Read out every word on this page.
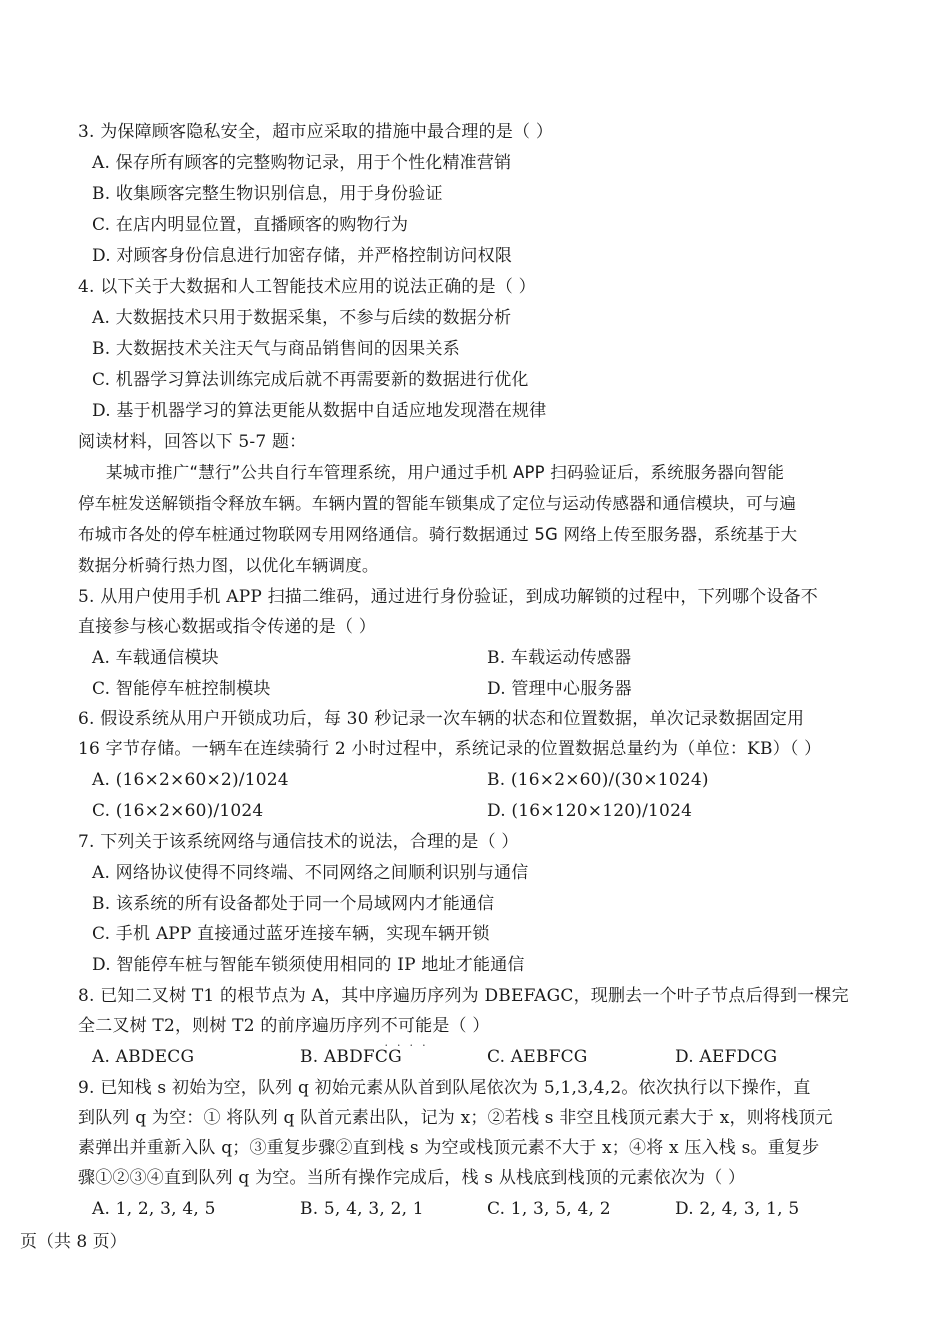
3. 为保障顾客隐私安全，超市应采取的措施中最合理的是（ ）
A. 保存所有顾客的完整购物记录，用于个性化精准营销
B. 收集顾客完整生物识别信息，用于身份验证
C. 在店内明显位置，直播顾客的购物行为
D. 对顾客身份信息进行加密存储，并严格控制访问权限
4. 以下关于大数据和人工智能技术应用的说法正确的是（ ）
A. 大数据技术只用于数据采集，不参与后续的数据分析
B. 大数据技术关注天气与商品销售间的因果关系
C. 机器学习算法训练完成后就不再需要新的数据进行优化
D. 基于机器学习的算法更能从数据中自适应地发现潜在规律
阅读材料，回答以下 5-7 题：
某城市推广“慧行”公共自行车管理系统，用户通过手机 APP 扫码验证后，系统服务器向智能
停车桩发送解锁指令释放车辆。车辆内置的智能车锁集成了定位与运动传感器和通信模块，可与遍
布城市各处的停车桩通过物联网专用网络通信。骑行数据通过 5G 网络上传至服务器，系统基于大
数据分析骑行热力图，以优化车辆调度。
5. 从用户使用手机 APP 扫描二维码，通过进行身份验证，到成功解锁的过程中，下列哪个设备不
直接参与核心数据或指令传递的是（ ）
A. 车载通信模块	B. 车载运动传感器
C. 智能停车桩控制模块	D. 管理中心服务器
6. 假设系统从用户开锁成功后，每 30 秒记录一次车辆的状态和位置数据，单次记录数据固定用
16 字节存储。一辆车在连续骑行 2 小时过程中，系统记录的位置数据总量约为（单位：KB）（ ）
A. (16×2×60×2)/1024	B. (16×2×60)/(30×1024)
C. (16×2×60)/1024	D. (16×120×120)/1024
7. 下列关于该系统网络与通信技术的说法，合理的是（ ）
A. 网络协议使得不同终端、不同网络之间顺利识别与通信
B. 该系统的所有设备都处于同一个局域网内才能通信
C. 手机 APP 直接通过蓝牙连接车辆，实现车辆开锁
D. 智能停车桩与智能车锁须使用相同的 IP 地址才能通信
8. 已知二叉树 T1 的根节点为 A，其中序遍历序列为 DBEFAGC，现删去一个叶子节点后得到一棵完
全二叉树 T2，则树 T2 的前序遍历序列不可能 • • • •是（ ）
A. ABDECG	B. ABDFCG	C. AEBFCG	D. AEFDCG
9. 已知栈 s 初始为空，队列 q 初始元素从队首到队尾依次为 5,1,3,4,2。依次执行以下操作，直
到队列 q 为空：① 将队列 q 队首元素出队，记为 x；②若栈 s 非空且栈顶元素大于 x，则将栈顶元
素弹出并重新入队 q；③重复步骤②直到栈 s 为空或栈顶元素不大于 x；④将 x 压入栈 s。重复步
骤①②③④直到队列 q 为空。当所有操作完成后，栈 s 从栈底到栈顶的元素依次为（ ）
A. 1, 2, 3, 4, 5	B. 5, 4, 3, 2, 1	C. 1, 3, 5, 4, 2	D. 2, 4, 3, 1, 5
页（共 8 页）
